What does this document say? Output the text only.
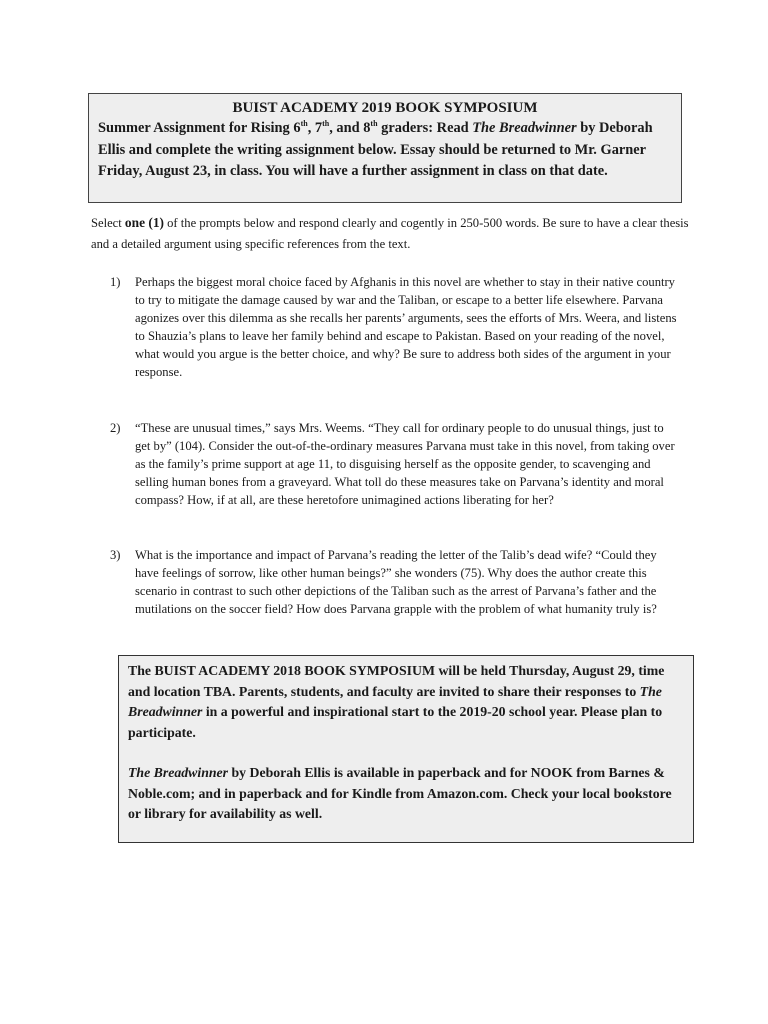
BUIST ACADEMY 2019 BOOK SYMPOSIUM

Summer Assignment for Rising 6th, 7th, and 8th graders: Read The Breadwinner by Deborah Ellis and complete the writing assignment below. Essay should be returned to Mr. Garner Friday, August 23, in class. You will have a further assignment in class on that date.

Select one (1) of the prompts below and respond clearly and cogently in 250-500 words. Be sure to have a clear thesis and a detailed argument using specific references from the text.

1) Perhaps the biggest moral choice faced by Afghanis in this novel are whether to stay in their native country to try to mitigate the damage caused by war and the Taliban, or escape to a better life elsewhere. Parvana agonizes over this dilemma as she recalls her parents’ arguments, sees the efforts of Mrs. Weera, and listens to Shauzia’s plans to leave her family behind and escape to Pakistan. Based on your reading of the novel, what would you argue is the better choice, and why? Be sure to address both sides of the argument in your response.
2) “These are unusual times,” says Mrs. Weems. “They call for ordinary people to do unusual things, just to get by” (104). Consider the out-of-the-ordinary measures Parvana must take in this novel, from taking over as the family’s prime support at age 11, to disguising herself as the opposite gender, to scavenging and selling human bones from a graveyard. What toll do these measures take on Parvana’s identity and moral compass? How, if at all, are these heretofore unimagined actions liberating for her?
3) What is the importance and impact of Parvana’s reading the letter of the Talib’s dead wife? “Could they have feelings of sorrow, like other human beings?” she wonders (75). Why does the author create this scenario in contrast to such other depictions of the Taliban such as the arrest of Parvana’s father and the mutilations on the soccer field? How does Parvana grapple with the problem of what humanity truly is?

The BUIST ACADEMY 2018 BOOK SYMPOSIUM will be held Thursday, August 29, time and location TBA. Parents, students, and faculty are invited to share their responses to The Breadwinner in a powerful and inspirational start to the 2019-20 school year. Please plan to participate.

The Breadwinner by Deborah Ellis is available in paperback and for NOOK from Barnes & Noble.com; and in paperback and for Kindle from Amazon.com. Check your local bookstore or library for availability as well.
